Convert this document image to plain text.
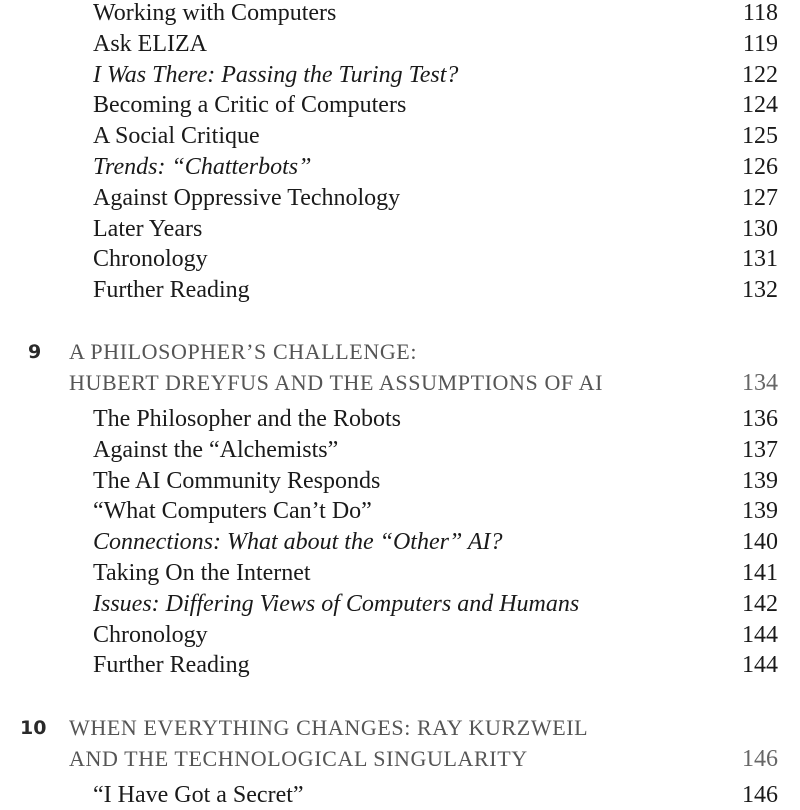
Working with Computers	118
Ask ELIZA	119
I Was There: Passing the Turing Test?	122
Becoming a Critic of Computers	124
A Social Critique	125
Trends: “Chatterbots”	126
Against Oppressive Technology	127
Later Years	130
Chronology	131
Further Reading	132
9 A PHILOSOPHER’S CHALLENGE:
HUBERT DREYFUS AND THE ASSUMPTIONS OF AI	134
The Philosopher and the Robots	136
Against the “Alchemists”	137
The AI Community Responds	139
“What Computers Can’t Do”	139
Connections: What about the “Other” AI?	140
Taking On the Internet	141
Issues: Differing Views of Computers and Humans	142
Chronology	144
Further Reading	144
10 WHEN EVERYTHING CHANGES: RAY KURZWEIL
AND THE TECHNOLOGICAL SINGULARITY	146
“I Have Got a Secret”	146
